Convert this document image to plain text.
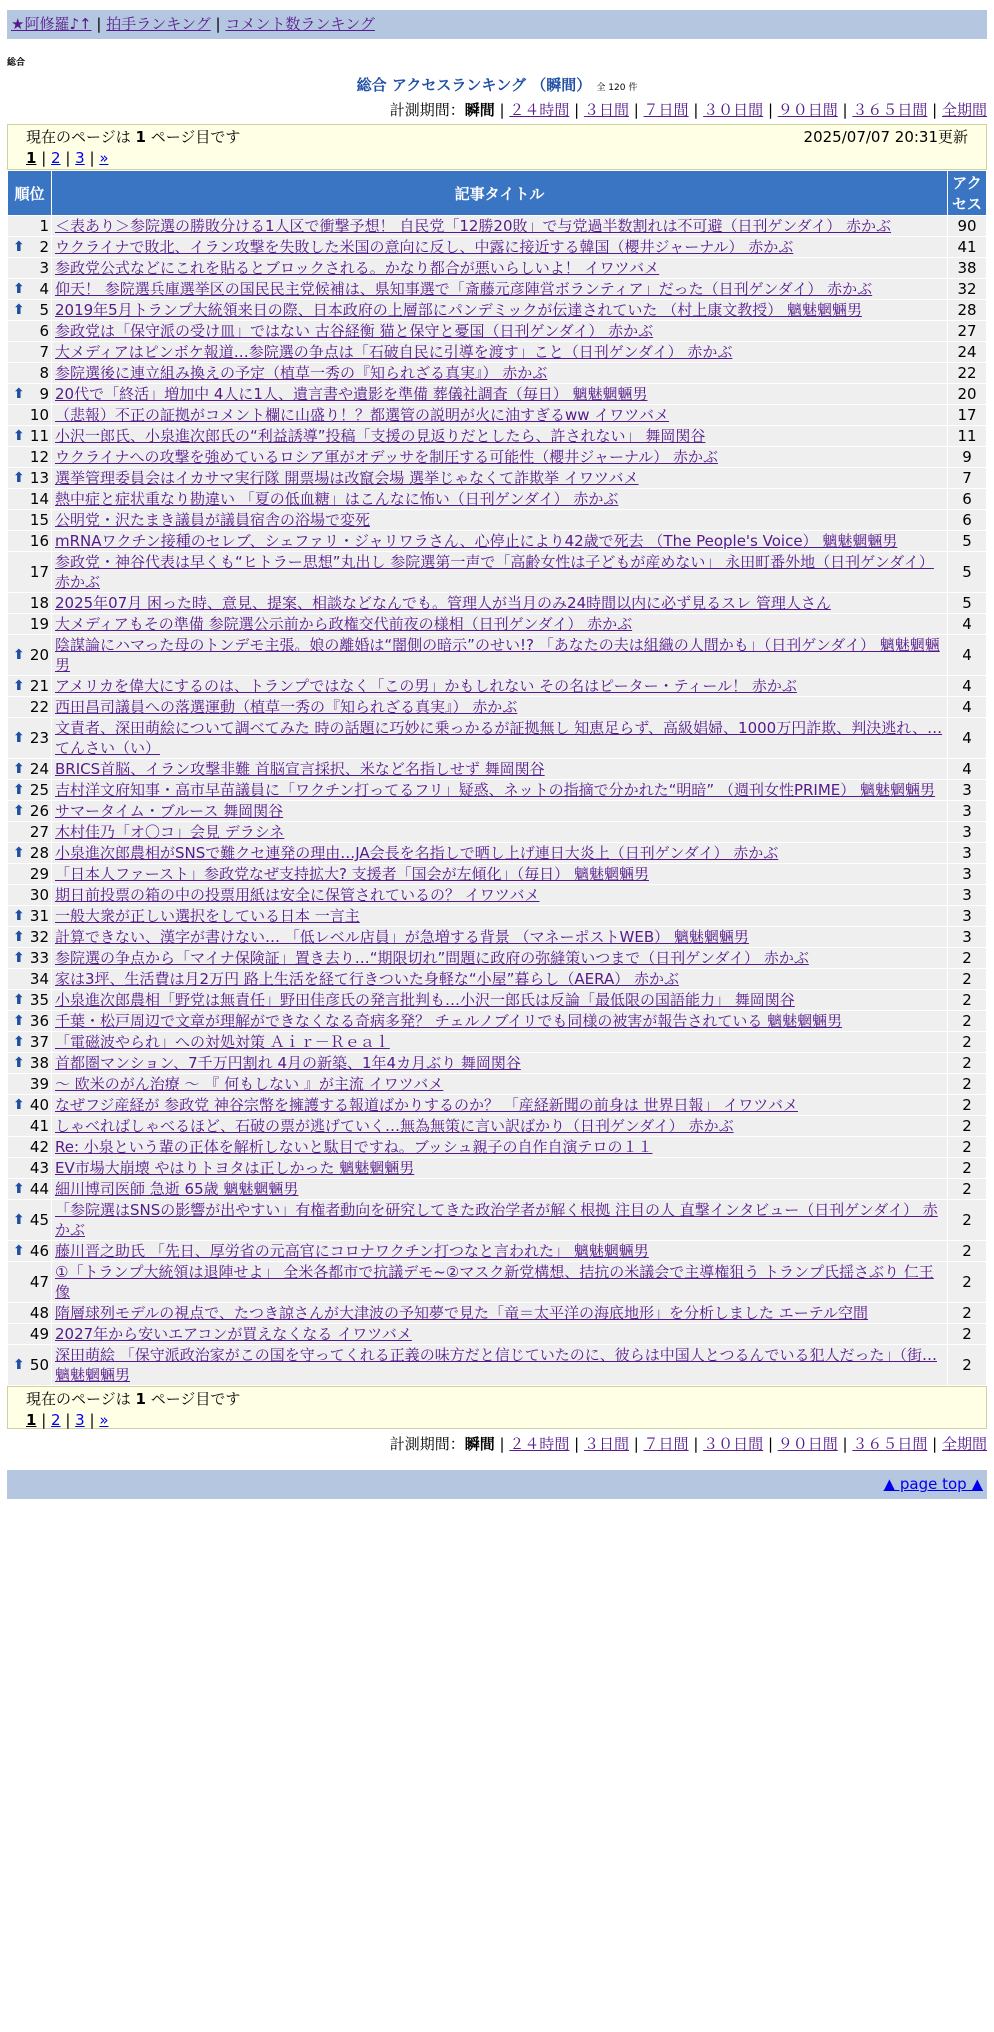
★阿修羅♪↑ | 拍手ランキング | コメント数ランキング
総合
総合 アクセスランキング （瞬間） 全 120 件
計測期間：瞬間 | ２４時間 | ３日間 | ７日間 | ３０日間 | ９０日間 | ３６５日間 | 全期間
現在のページは 1 ページ目です	2025/07/07 20:31更新
1 | 2 | 3 | »
順位	記事タイトル	アクセス
1	＜表あり＞参院選の勝敗分ける1人区で衝撃予想！ 自民党「12勝20敗」で与党過半数割れは不可避（日刊ゲンダイ） 赤かぶ	90

⬆ 2	ウクライナで敗北、イラン攻撃を失敗した米国の意向に反し、中露に接近する韓国（櫻井ジャーナル） 赤かぶ	41
3	参政党公式などにこれを貼るとブロックされる。かなり都合が悪いらしいよ！ イワツバメ	38

⬆ 4	仰天！ 参院選兵庫選挙区の国民民主党候補は、県知事選で「斎藤元彦陣営ボランティア」だった（日刊ゲンダイ） 赤かぶ	32

⬆ 5	2019年5月トランプ大統領来日の際、日本政府の上層部にパンデミックが伝達されていた （村上康文教授） 魑魅魍魎男	28
6	参政党は「保守派の受け皿」ではない 古谷経衡 猫と保守と憂国（日刊ゲンダイ） 赤かぶ	27
7	大メディアはピンボケ報道…参院選の争点は「石破自民に引導を渡す」こと（日刊ゲンダイ） 赤かぶ	24
8	参院選後に連立組み換えの予定（植草一秀の『知られざる真実』） 赤かぶ	22

⬆ 9	20代で「終活」増加中 4人に1人、遺言書や遺影を準備 葬儀社調査（毎日） 魑魅魍魎男	20
10	（悲報）不正の証拠がコメント欄に山盛り！？都選管の説明が火に油すぎるww イワツバメ	17

⬆ 11	小沢一郎氏、小泉進次郎氏の“利益誘導”投稿「支援の見返りだとしたら、許されない」 舞岡関谷	11
12	ウクライナへの攻撃を強めているロシア軍がオデッサを制圧する可能性（櫻井ジャーナル） 赤かぶ	9

⬆ 13	選挙管理委員会はイカサマ実行隊 開票場は改竄会場 選挙じゃなくて詐欺挙 イワツバメ	7
14	熱中症と症状重なり勘違い 「夏の低血糖」はこんなに怖い（日刊ゲンダイ） 赤かぶ	6
15	公明党・沢たまき議員が議員宿舎の浴場で変死	6
16	mRNAワクチン接種のセレブ、シェファリ・ジャリワラさん、心停止により42歳で死去 （The People's Voice） 魑魅魍魎男	5
17	参政党・神谷代表は早くも“ヒトラー思想”丸出し 参院選第一声で「高齢女性は子どもが産めない」 永田町番外地（日刊ゲンダイ） 赤かぶ	5
18	2025年07月 困った時、意見、提案、相談などなんでも。管理人が当月のみ24時間以内に必ず見るスレ 管理人さん	5
19	大メディアもその準備 参院選公示前から政権交代前夜の様相（日刊ゲンダイ） 赤かぶ	4

⬆ 20	陰謀論にハマった母のトンデモ主張。娘の離婚は“闇側の暗示”のせい!? 「あなたの夫は組織の人間かも」（日刊ゲンダイ） 魑魅魍魎男	4

⬆ 21	アメリカを偉大にするのは、トランプではなく「この男」かもしれない その名はピーター・ティール！ 赤かぶ	4
22	西田昌司議員への落選運動（植草一秀の『知られざる真実』） 赤かぶ	4

⬆ 23	文責者、深田萌絵について調べてみた 時の話題に巧妙に乗っかるが証拠無し 知恵足らず、高級娼婦、1000万円詐欺、判決逃れ、… てんさい（い）	4

⬆ 24	BRICS首脳、イラン攻撃非難 首脳宣言採択、米など名指しせず 舞岡関谷	4

⬆ 25	吉村洋文府知事・高市早苗議員に「ワクチン打ってるフリ」疑惑、ネットの指摘で分かれた“明暗” （週刊女性PRIME） 魑魅魍魎男	3

⬆ 26	サマータイム・ブルース 舞岡関谷	3
27	木村佳乃「オ〇コ」会見 デラシネ	3

⬆ 28	小泉進次郎農相がSNSで難クセ連発の理由…JA会長を名指しで晒し上げ連日大炎上（日刊ゲンダイ） 赤かぶ	3
29	「日本人ファースト」参政党なぜ支持拡大? 支援者「国会が左傾化」（毎日） 魑魅魍魎男	3
30	期日前投票の箱の中の投票用紙は安全に保管されているの？ イワツバメ	3

⬆ 31	一般大衆が正しい選択をしている日本 一言主	3

⬆ 32	計算できない、漢字が書けない… 「低レベル店員」が急増する背景 （マネーポストWEB） 魑魅魍魎男	3

⬆ 33	参院選の争点から「マイナ保険証」置き去り…“期限切れ”問題に政府の弥縫策いつまで（日刊ゲンダイ） 赤かぶ	2
34	家は3坪、生活費は月2万円 路上生活を経て行きついた身軽な“小屋”暮らし（AERA） 赤かぶ	2

⬆ 35	小泉進次郎農相「野党は無責任」野田佳彦氏の発言批判も…小沢一郎氏は反論「最低限の国語能力」 舞岡関谷	2

⬆ 36	千葉・松戸周辺で文章が理解ができなくなる奇病多発？ チェルノブイリでも同様の被害が報告されている 魑魅魍魎男	2

⬆ 37	「電磁波やられ」への対処対策 Ａｉｒ－Ｒｅａｌ	2

⬆ 38	首都圏マンション、7千万円割れ 4月の新築、1年4カ月ぶり 舞岡関谷	2
39	～ 欧米のがん治療 ～ 『 何もしない 』が主流 イワツバメ	2

⬆ 40	なぜフジ産経が 参政党 神谷宗幣を擁護する報道ばかりするのか？ 「産経新聞の前身は 世界日報」 イワツバメ	2
41	しゃべればしゃべるほど、石破の票が逃げていく…無為無策に言い訳ばかり（日刊ゲンダイ） 赤かぶ	2
42	Re: 小泉という輩の正体を解析しないと駄目ですね。ブッシュ親子の自作自演テロの１１	2
43	EV市場大崩壊 やはりトヨタは正しかった 魑魅魍魎男	2

⬆ 44	細川博司医師 急逝 65歳 魑魅魍魎男	2

⬆ 45	「参院選はSNSの影響が出やすい」有権者動向を研究してきた政治学者が解く根拠 注目の人 直撃インタビュー（日刊ゲンダイ） 赤かぶ	2

⬆ 46	藤川晋之助氏 「先日、厚労省の元高官にコロナワクチン打つなと言われた」 魑魅魍魎男	2
47	①「トランプ大統領は退陣せよ」 全米各都市で抗議デモ~②マスク新党構想、拮抗の米議会で主導権狙う トランプ氏揺さぶり 仁王像	2
48	隋層球列モデルの視点で、たつき諒さんが大津波の予知夢で見た「竜＝太平洋の海底地形」を分析しました エーテル空間	2
49	2027年から安いエアコンが買えなくなる イワツバメ	2

⬆ 50	深田萌絵 「保守派政治家がこの国を守ってくれる正義の味方だと信じていたのに、彼らは中国人とつるんでいる犯人だった」（街… 魑魅魍魎男	2
現在のページは 1 ページ目です
1 | 2 | 3 | »
計測期間：瞬間 | ２４時間 | ３日間 | ７日間 | ３０日間 | ９０日間 | ３６５日間 | 全期間
▲ page top ▲
